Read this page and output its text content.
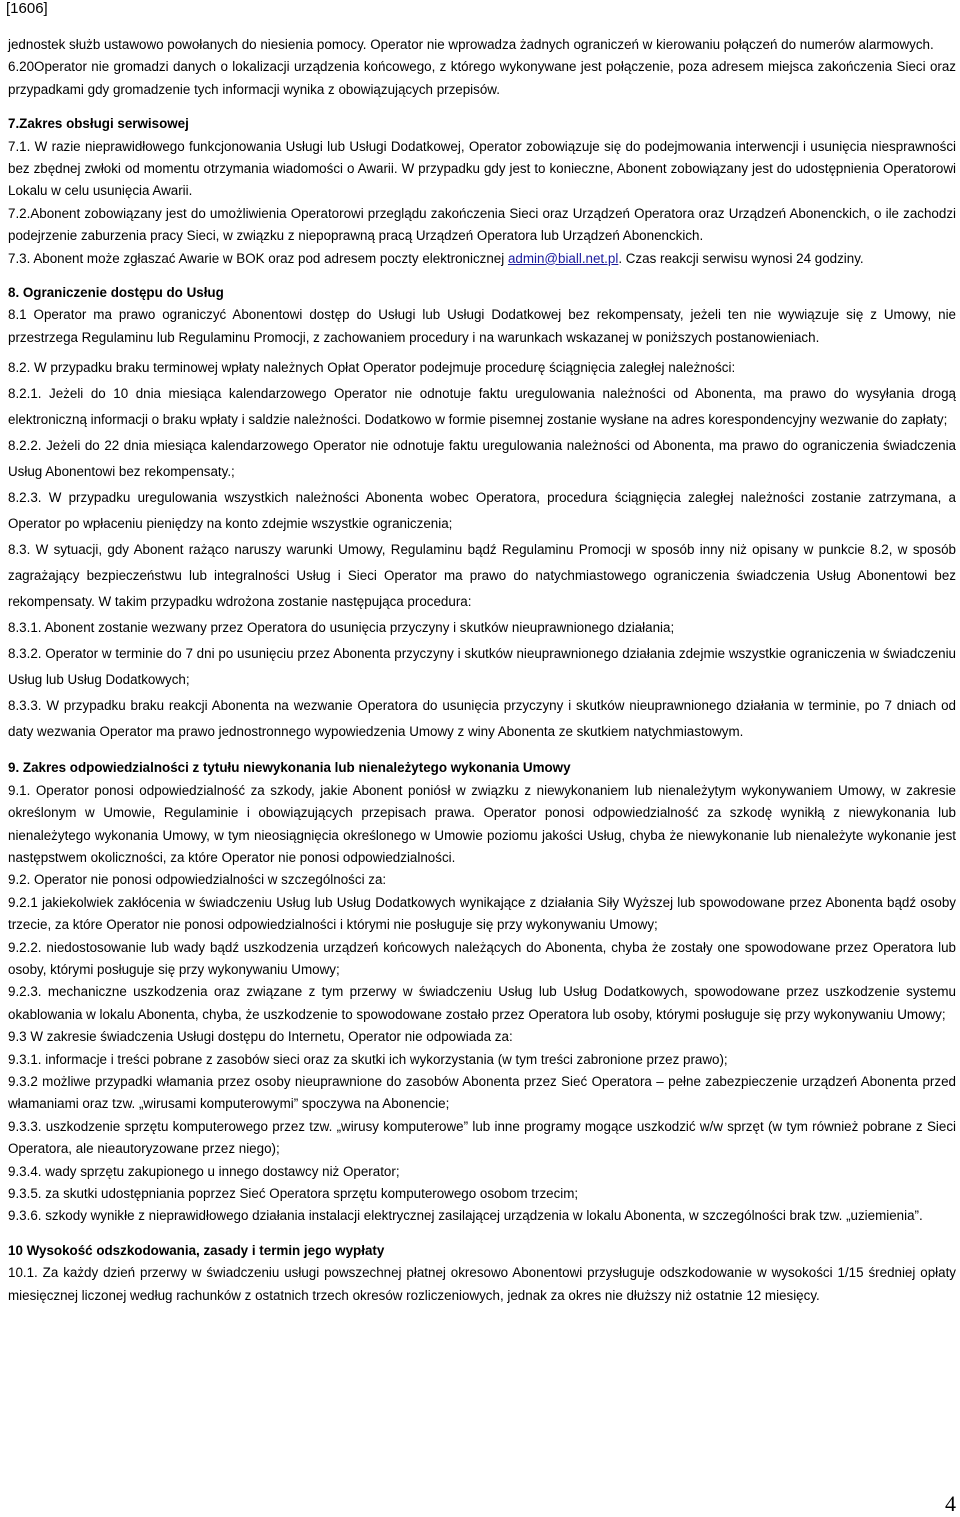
[1606]

jednostek służb ustawowo powołanych do niesienia pomocy. Operator nie wprowadza żadnych ograniczeń w kierowaniu połączeń do numerów alarmowych.

6.20Operator nie gromadzi danych o lokalizacji urządzenia końcowego, z którego wykonywane jest połączenie, poza adresem miejsca zakończenia Sieci oraz przypadkami gdy gromadzenie tych informacji wynika z obowiązujących przepisów.

7.Zakres obsługi serwisowej

7.1. W razie nieprawidłowego funkcjonowania Usługi lub Usługi Dodatkowej, Operator zobowiązuje się do podejmowania interwencji i usunięcia niesprawności bez zbędnej zwłoki od momentu otrzymania wiadomości o Awarii. W przypadku gdy jest to konieczne, Abonent zobowiązany jest do udostępnienia Operatorowi Lokalu w celu usunięcia Awarii.

7.2.Abonent zobowiązany jest do umożliwienia Operatorowi przeglądu zakończenia Sieci oraz Urządzeń Operatora oraz Urządzeń Abonenckich, o ile zachodzi podejrzenie zaburzenia pracy Sieci, w związku z niepoprawną pracą Urządzeń Operatora lub Urządzeń Abonenckich.

7.3. Abonent może zgłaszać Awarie w BOK oraz pod adresem poczty elektronicznej admin@biall.net.pl. Czas reakcji serwisu wynosi 24 godziny.

8. Ograniczenie dostępu do Usług

8.1 Operator ma prawo ograniczyć Abonentowi dostęp do Usługi lub Usługi Dodatkowej bez rekompensaty, jeżeli ten nie wywiązuje się z Umowy, nie przestrzega Regulaminu lub Regulaminu Promocji, z zachowaniem procedury i na warunkach wskazanej w poniższych postanowieniach.

8.2. W przypadku braku terminowej wpłaty należnych Opłat Operator podejmuje procedurę ściągnięcia zaległej należności:

8.2.1. Jeżeli do 10 dnia miesiąca kalendarzowego Operator nie odnotuje faktu uregulowania należności od Abonenta, ma prawo do wysyłania drogą elektroniczną informacji o braku wpłaty i saldzie należności. Dodatkowo w formie pisemnej zostanie wysłane na adres korespondencyjny wezwanie do zapłaty;

8.2.2. Jeżeli do 22 dnia miesiąca kalendarzowego Operator nie odnotuje faktu uregulowania należności od Abonenta, ma prawo do ograniczenia świadczenia Usług Abonentowi bez rekompensaty.;

8.2.3. W przypadku uregulowania wszystkich należności Abonenta wobec Operatora, procedura ściągnięcia zaległej należności zostanie zatrzymana, a Operator po wpłaceniu pieniędzy na konto zdejmie wszystkie ograniczenia;

8.3. W sytuacji, gdy Abonent rażąco naruszy warunki Umowy, Regulaminu bądź Regulaminu Promocji w sposób inny niż opisany w punkcie 8.2, w sposób zagrażający bezpieczeństwu lub integralności Usług i Sieci Operator ma prawo do natychmiastowego ograniczenia świadczenia Usług Abonentowi bez rekompensaty. W takim przypadku wdrożona zostanie następująca procedura:

8.3.1. Abonent zostanie wezwany przez Operatora do usunięcia przyczyny i skutków nieuprawnionego działania;

8.3.2. Operator w terminie do 7 dni po usunięciu przez Abonenta przyczyny i skutków nieuprawnionego działania zdejmie wszystkie ograniczenia w świadczeniu Usług lub Usług Dodatkowych;

8.3.3. W przypadku braku reakcji Abonenta na wezwanie Operatora do usunięcia przyczyny i skutków nieuprawnionego działania w terminie, po 7 dniach od daty wezwania Operator ma prawo jednostronnego wypowiedzenia Umowy z winy Abonenta ze skutkiem natychmiastowym.

9. Zakres odpowiedzialności z tytułu niewykonania lub nienależytego wykonania Umowy

9.1. Operator ponosi odpowiedzialność za szkody, jakie Abonent poniósł w związku z niewykonaniem lub nienależytym wykonywaniem Umowy, w zakresie określonym w Umowie, Regulaminie i obowiązujących przepisach prawa. Operator ponosi odpowiedzialność za szkodę wynikłą z niewykonania lub nienależytego wykonania Umowy, w tym nieosiągnięcia określonego w Umowie poziomu jakości Usług, chyba że niewykonanie lub nienależyte wykonanie jest następstwem okoliczności, za które Operator nie ponosi odpowiedzialności.

9.2. Operator nie ponosi odpowiedzialności w szczególności za:

9.2.1 jakiekolwiek zakłócenia w świadczeniu Usług lub Usług Dodatkowych wynikające z działania Siły Wyższej lub spowodowane przez Abonenta bądź osoby trzecie, za które Operator nie ponosi odpowiedzialności i którymi nie posługuje się przy wykonywaniu Umowy;

9.2.2. niedostosowanie lub wady bądź uszkodzenia urządzeń końcowych należących do Abonenta, chyba że zostały one spowodowane przez Operatora lub osoby, którymi posługuje się przy wykonywaniu Umowy;

9.2.3. mechaniczne uszkodzenia oraz związane z tym przerwy w świadczeniu Usług lub Usług Dodatkowych, spowodowane przez uszkodzenie systemu okablowania w lokalu Abonenta, chyba, że uszkodzenie to spowodowane zostało przez Operatora lub osoby, którymi posługuje się przy wykonywaniu Umowy;

9.3 W zakresie świadczenia Usługi dostępu do Internetu, Operator nie odpowiada za:

9.3.1. informacje i treści pobrane z zasobów sieci oraz za skutki ich wykorzystania (w tym treści zabronione przez prawo);

9.3.2 możliwe przypadki włamania przez osoby nieuprawnione do zasobów Abonenta przez Sieć Operatora – pełne zabezpieczenie urządzeń Abonenta przed włamaniami oraz tzw. „wirusami komputerowymi” spoczywa na Abonencie;

9.3.3. uszkodzenie sprzętu komputerowego przez tzw. „wirusy komputerowe” lub inne programy mogące uszkodzić w/w sprzęt (w tym również pobrane z Sieci Operatora, ale nieautoryzowane przez niego);

9.3.4. wady sprzętu zakupionego u innego dostawcy niż Operator;

9.3.5. za skutki udostępniania poprzez Sieć Operatora sprzętu komputerowego osobom trzecim;

9.3.6. szkody wynikłe z nieprawidłowego działania instalacji elektrycznej zasilającej urządzenia w lokalu Abonenta, w szczególności brak tzw. „uziemienia”.

10 Wysokość odszkodowania, zasady i termin jego wypłaty

10.1. Za każdy dzień przerwy w świadczeniu usługi powszechnej płatnej okresowo Abonentowi przysługuje odszkodowanie w wysokości 1/15 średniej opłaty miesięcznej liczonej według rachunków z ostatnich trzech okresów rozliczeniowych, jednak za okres nie dłuższy niż ostatnie 12 miesięcy.

4
